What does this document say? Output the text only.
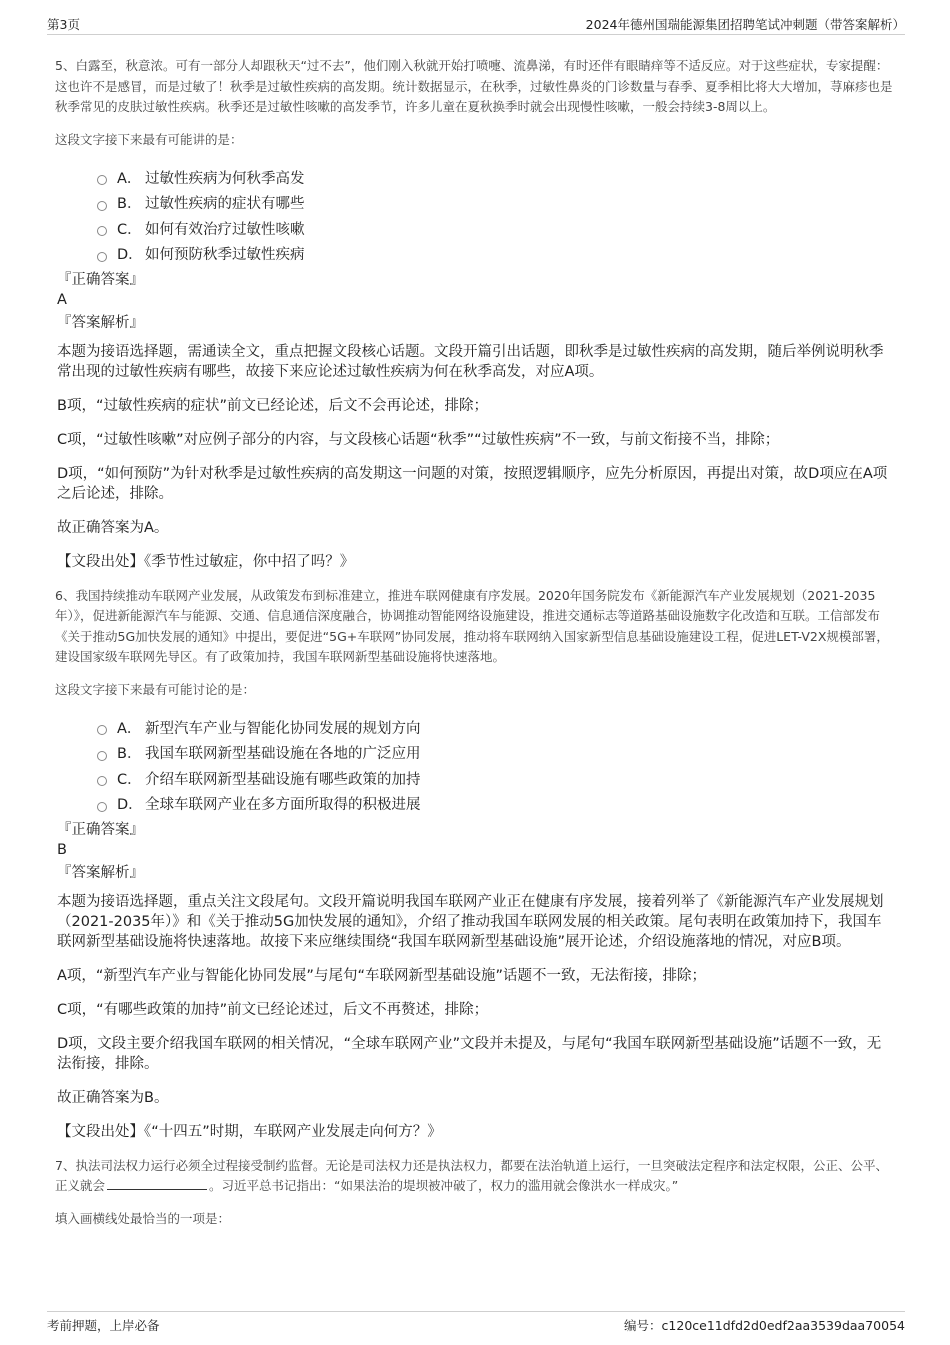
第3页	2024年德州国瑞能源集团招聘笔试冲刺题（带答案解析）

5、白露至，秋意浓。可有一部分人却跟秋天“过不去”，他们刚入秋就开始打喷嚏、流鼻涕，有时还伴有眼睛痒等不适反应。对于这些症状，专家提醒：这也许不是感冒，而是过敏了！秋季是过敏性疾病的高发期。统计数据显示，在秋季，过敏性鼻炎的门诊数量与春季、夏季相比将大大增加，荨麻疹也是秋季常见的皮肤过敏性疾病。秋季还是过敏性咳嗽的高发季节，许多儿童在夏秋换季时就会出现慢性咳嗽，一般会持续3-8周以上。

这段文字接下来最有可能讲的是：

A． 过敏性疾病为何秋季高发
B． 过敏性疾病的症状有哪些
C． 如何有效治疗过敏性咳嗽
D． 如何预防秋季过敏性疾病
『正确答案』
A
『答案解析』

本题为接语选择题，需通读全文，重点把握文段核心话题。文段开篇引出话题，即秋季是过敏性疾病的高发期，随后举例说明秋季常出现的过敏性疾病有哪些，故接下来应论述过敏性疾病为何在秋季高发，对应A项。

B项，“过敏性疾病的症状”前文已经论述，后文不会再论述，排除；

C项，“过敏性咳嗽”对应例子部分的内容，与文段核心话题“秋季”“过敏性疾病”不一致，与前文衔接不当，排除；

D项，“如何预防”为针对秋季是过敏性疾病的高发期这一问题的对策，按照逻辑顺序，应先分析原因，再提出对策，故D项应在A项之后论述，排除。

故正确答案为A。

【文段出处】《季节性过敏症，你中招了吗？》

6、我国持续推动车联网产业发展，从政策发布到标准建立，推进车联网健康有序发展。2020年国务院发布《新能源汽车产业发展规划（2021-2035年）》，促进新能源汽车与能源、交通、信息通信深度融合，协调推动智能网络设施建设，推进交通标志等道路基础设施数字化改造和互联。工信部发布《关于推动5G加快发展的通知》中提出，要促进“5G+车联网”协同发展，推动将车联网纳入国家新型信息基础设施建设工程，促进LET-V2X规模部署，建设国家级车联网先导区。有了政策加持，我国车联网新型基础设施将快速落地。

这段文字接下来最有可能讨论的是：

A． 新型汽车产业与智能化协同发展的规划方向
B． 我国车联网新型基础设施在各地的广泛应用
C． 介绍车联网新型基础设施有哪些政策的加持
D． 全球车联网产业在多方面所取得的积极进展
『正确答案』
B
『答案解析』

本题为接语选择题，重点关注文段尾句。文段开篇说明我国车联网产业正在健康有序发展，接着列举了《新能源汽车产业发展规划（2021-2035年）》和《关于推动5G加快发展的通知》，介绍了推动我国车联网发展的相关政策。尾句表明在政策加持下，我国车联网新型基础设施将快速落地。故接下来应继续围绕“我国车联网新型基础设施”展开论述，介绍设施落地的情况，对应B项。

A项，“新型汽车产业与智能化协同发展”与尾句“车联网新型基础设施”话题不一致，无法衔接，排除；

C项，“有哪些政策的加持”前文已经论述过，后文不再赘述，排除；

D项，文段主要介绍我国车联网的相关情况，“全球车联网产业”文段并未提及，与尾句“我国车联网新型基础设施”话题不一致，无法衔接，排除。

故正确答案为B。

【文段出处】《“十四五”时期，车联网产业发展走向何方？》

7、执法司法权力运行必须全过程接受制约监督。无论是司法权力还是执法权力，都要在法治轨道上运行，一旦突破法定程序和法定权限，公正、公平、正义就会	。习近平总书记指出：“如果法治的堤坝被冲破了，权力的滥用就会像洪水一样成灾。”

填入画横线处最恰当的一项是：

考前押题，上岸必备	编号：c120ce11dfd2d0edf2aa3539daa70054
